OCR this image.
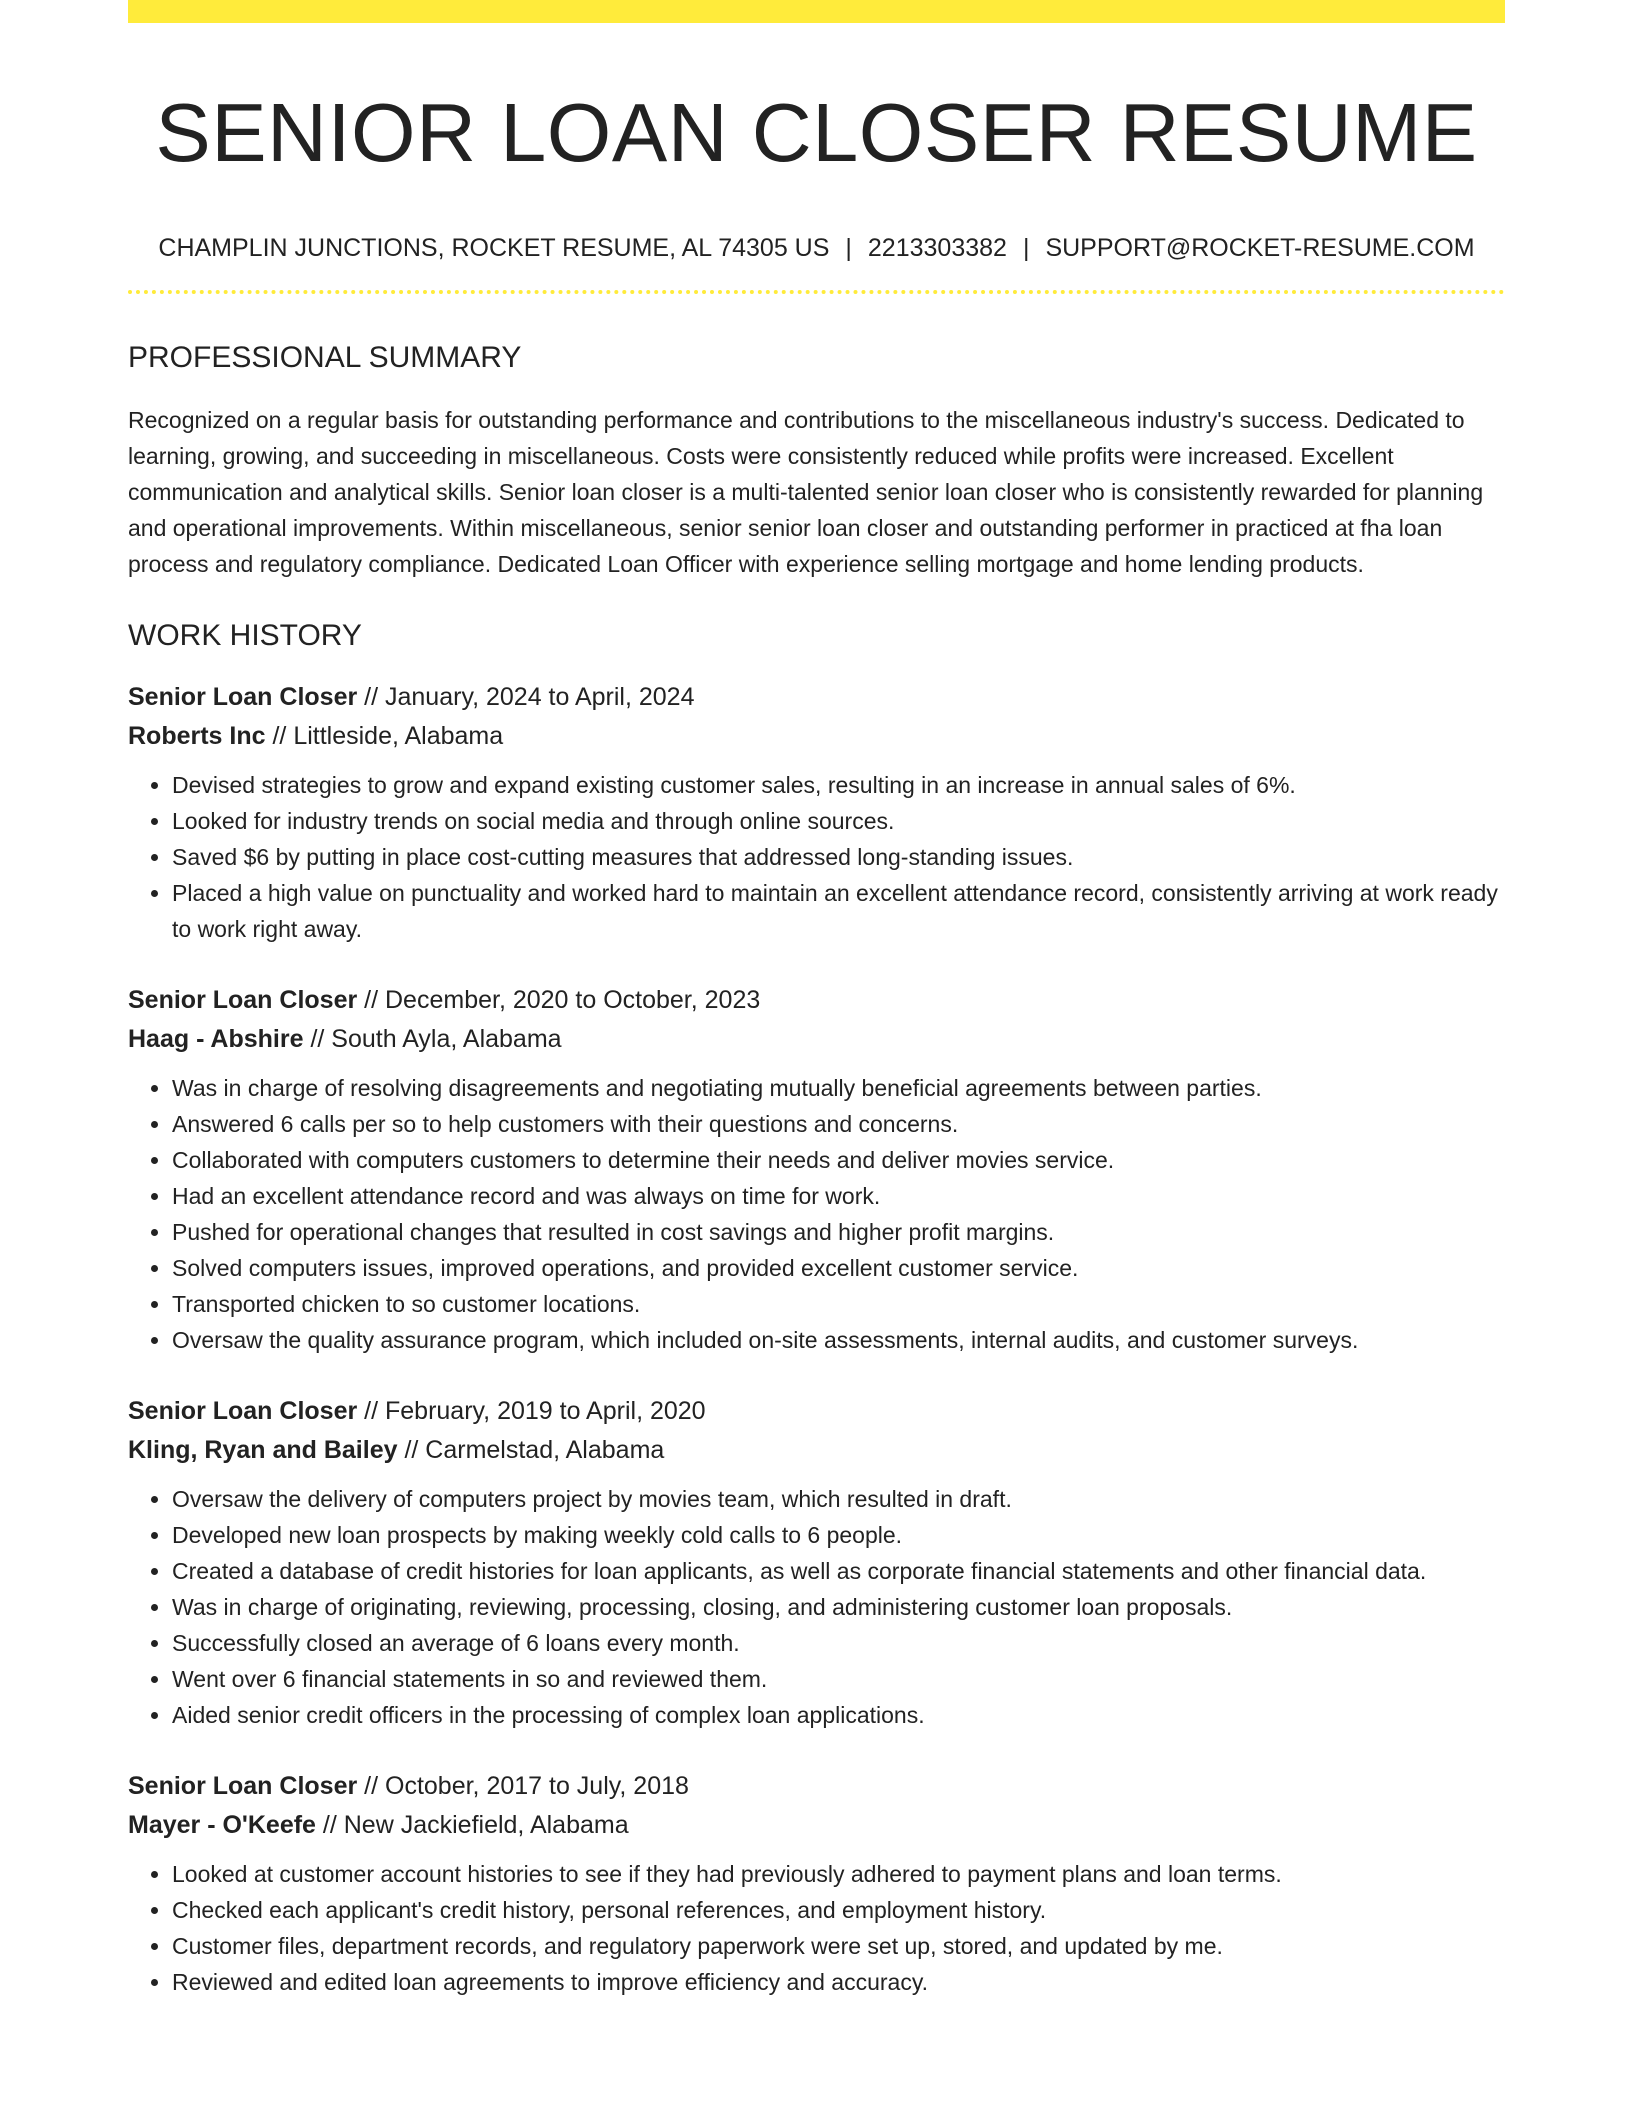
SENIOR LOAN CLOSER RESUME
CHAMPLIN JUNCTIONS, ROCKET RESUME, AL 74305 US | 2213303382 | SUPPORT@ROCKET-RESUME.COM
PROFESSIONAL SUMMARY
Recognized on a regular basis for outstanding performance and contributions to the miscellaneous industry's success. Dedicated to learning, growing, and succeeding in miscellaneous. Costs were consistently reduced while profits were increased. Excellent communication and analytical skills. Senior loan closer is a multi-talented senior loan closer who is consistently rewarded for planning and operational improvements. Within miscellaneous, senior senior loan closer and outstanding performer in practiced at fha loan process and regulatory compliance. Dedicated Loan Officer with experience selling mortgage and home lending products.
WORK HISTORY
Senior Loan Closer // January, 2024 to April, 2024
Roberts Inc // Littleside, Alabama
• Devised strategies to grow and expand existing customer sales, resulting in an increase in annual sales of 6%.
• Looked for industry trends on social media and through online sources.
• Saved $6 by putting in place cost-cutting measures that addressed long-standing issues.
• Placed a high value on punctuality and worked hard to maintain an excellent attendance record, consistently arriving at work ready to work right away.
Senior Loan Closer // December, 2020 to October, 2023
Haag - Abshire // South Ayla, Alabama
• Was in charge of resolving disagreements and negotiating mutually beneficial agreements between parties.
• Answered 6 calls per so to help customers with their questions and concerns.
• Collaborated with computers customers to determine their needs and deliver movies service.
• Had an excellent attendance record and was always on time for work.
• Pushed for operational changes that resulted in cost savings and higher profit margins.
• Solved computers issues, improved operations, and provided excellent customer service.
• Transported chicken to so customer locations.
• Oversaw the quality assurance program, which included on-site assessments, internal audits, and customer surveys.
Senior Loan Closer // February, 2019 to April, 2020
Kling, Ryan and Bailey // Carmelstad, Alabama
• Oversaw the delivery of computers project by movies team, which resulted in draft.
• Developed new loan prospects by making weekly cold calls to 6 people.
• Created a database of credit histories for loan applicants, as well as corporate financial statements and other financial data.
• Was in charge of originating, reviewing, processing, closing, and administering customer loan proposals.
• Successfully closed an average of 6 loans every month.
• Went over 6 financial statements in so and reviewed them.
• Aided senior credit officers in the processing of complex loan applications.
Senior Loan Closer // October, 2017 to July, 2018
Mayer - O'Keefe // New Jackiefield, Alabama
• Looked at customer account histories to see if they had previously adhered to payment plans and loan terms.
• Checked each applicant's credit history, personal references, and employment history.
• Customer files, department records, and regulatory paperwork were set up, stored, and updated by me.
• Reviewed and edited loan agreements to improve efficiency and accuracy.
